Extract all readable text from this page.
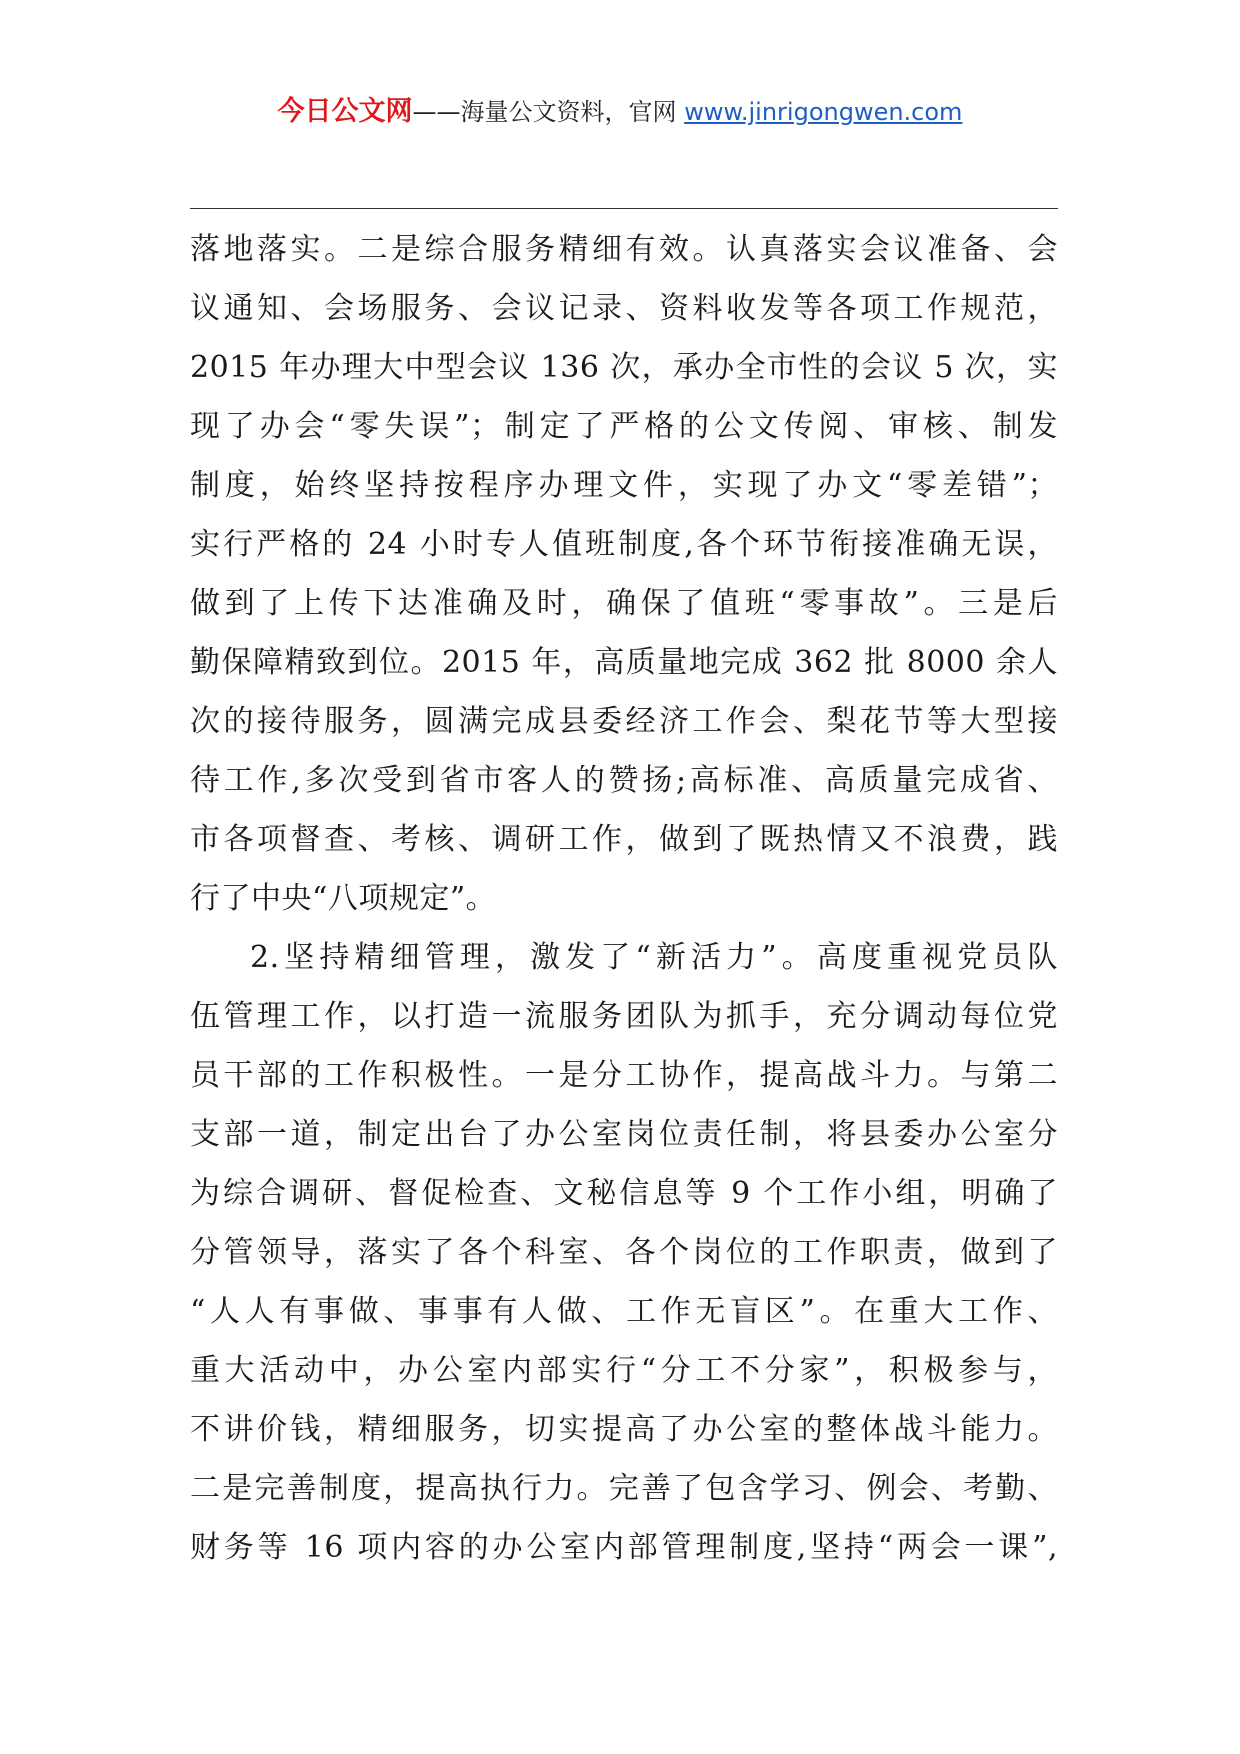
今日公文网——海量公文资料，官网 www.jinrigongwen.com
落地落实。二是综合服务精细有效。认真落实会议准备、会
议通知、会场服务、会议记录、资料收发等各项工作规范，
2015 年办理大中型会议 136 次，承办全市性的会议 5 次，实
现了办会“零失误”；制定了严格的公文传阅、审核、制发
制度，始终坚持按程序办理文件，实现了办文“零差错”；
实行严格的 24 小时专人值班制度,各个环节衔接准确无误，
做到了上传下达准确及时，确保了值班“零事故”。三是后
勤保障精致到位。2015 年，高质量地完成 362 批 8000 余人
次的接待服务，圆满完成县委经济工作会、梨花节等大型接
待工作,多次受到省市客人的赞扬;高标准、高质量完成省、
市各项督查、考核、调研工作，做到了既热情又不浪费，践
行了中央“八项规定”。
2.坚持精细管理，激发了“新活力”。高度重视党员队
伍管理工作，以打造一流服务团队为抓手，充分调动每位党
员干部的工作积极性。一是分工协作，提高战斗力。与第二
支部一道，制定出台了办公室岗位责任制，将县委办公室分
为综合调研、督促检查、文秘信息等 9 个工作小组，明确了
分管领导，落实了各个科室、各个岗位的工作职责，做到了
“人人有事做、事事有人做、工作无盲区”。在重大工作、
重大活动中，办公室内部实行“分工不分家”，积极参与，
不讲价钱，精细服务，切实提高了办公室的整体战斗能力。
二是完善制度，提高执行力。完善了包含学习、例会、考勤、
财务等 16 项内容的办公室内部管理制度,坚持“两会一课”,
